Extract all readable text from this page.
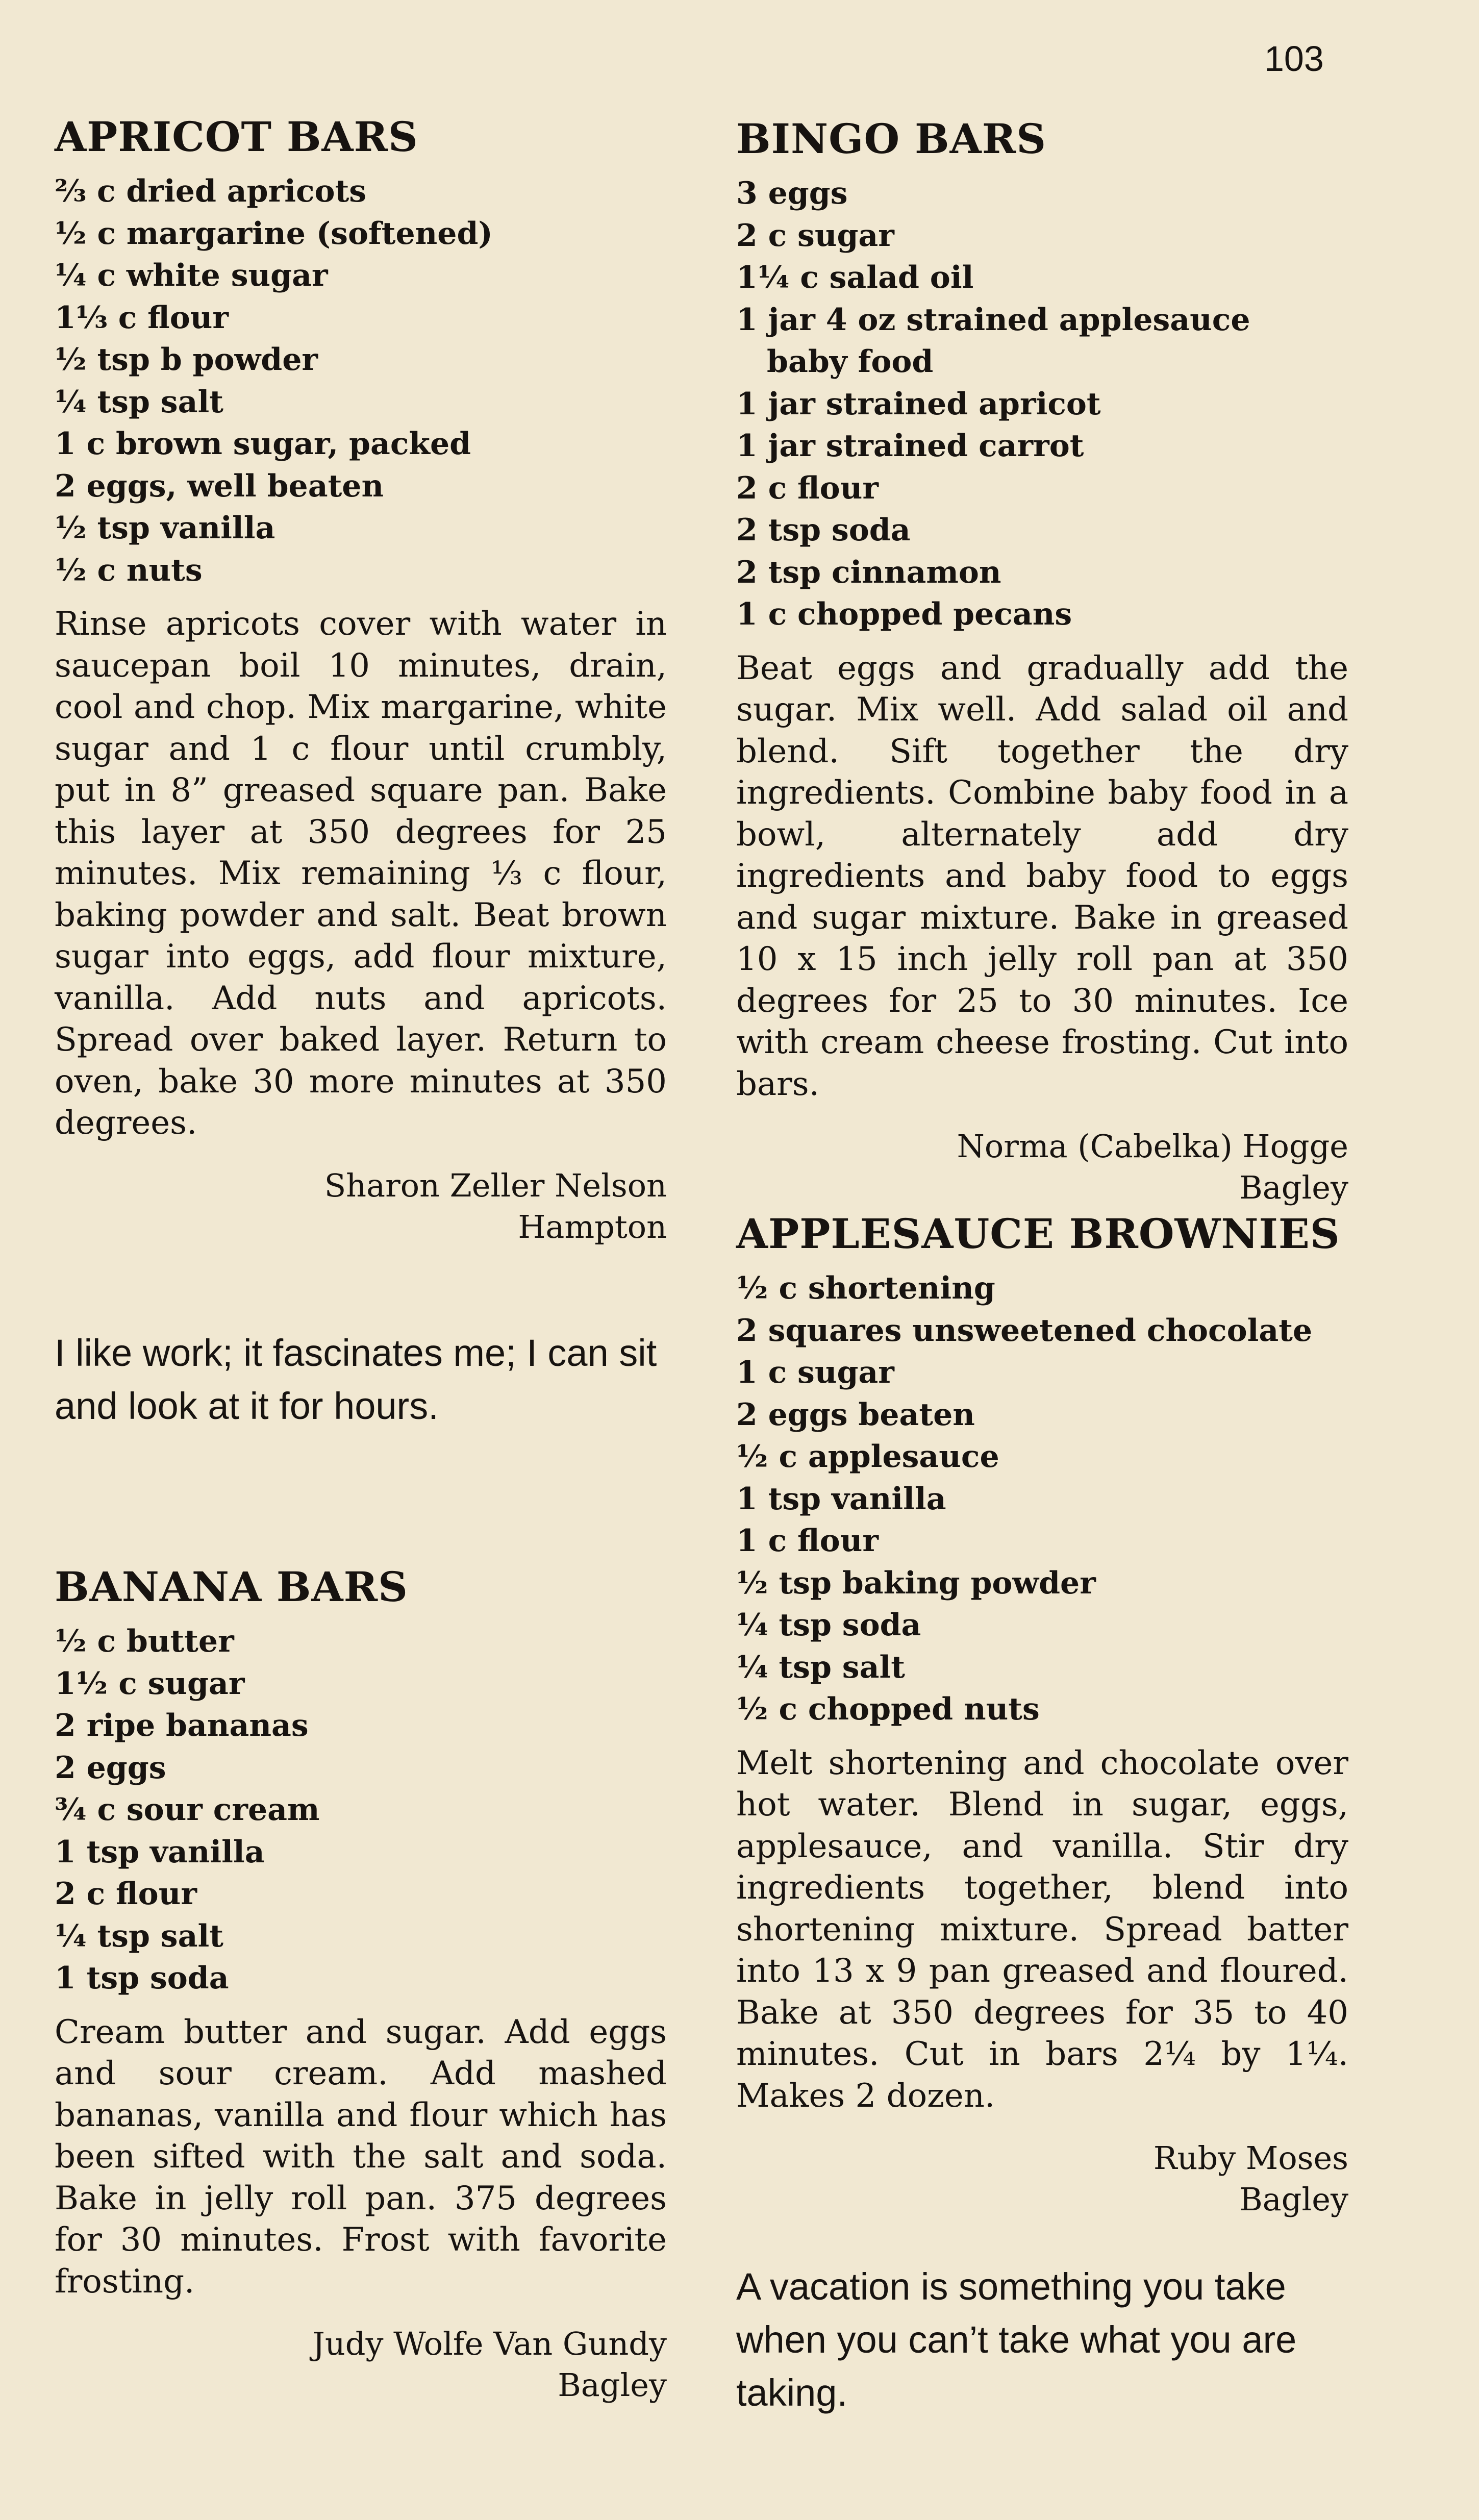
103
APRICOT BARS
⅔ c dried apricots
½ c margarine (softened)
¼ c white sugar
1⅓ c flour
½ tsp b powder
¼ tsp salt
1 c brown sugar, packed
2 eggs, well beaten
½ tsp vanilla
½ c nuts

Rinse apricots cover with water in saucepan boil 10 minutes, drain, cool and chop. Mix margarine, white sugar and 1 c flour until crumbly, put in 8” greased square pan. Bake this layer at 350 degrees for 25 minutes. Mix remaining ⅓ c flour, baking powder and salt. Beat brown sugar into eggs, add flour mixture, vanilla. Add nuts and apricots. Spread over baked layer. Return to oven, bake 30 more minutes at 350 degrees.

Sharon Zeller Nelson
Hampton

I like work; it fascinates me; I can sit and look at it for hours.

BANANA BARS
½ c butter
1½ c sugar
2 ripe bananas
2 eggs
¾ c sour cream
1 tsp vanilla
2 c flour
¼ tsp salt
1 tsp soda

Cream butter and sugar. Add eggs and sour cream. Add mashed bananas, vanilla and flour which has been sifted with the salt and soda. Bake in jelly roll pan. 375 degrees for 30 minutes. Frost with favorite frosting.

Judy Wolfe Van Gundy
Bagley
BINGO BARS
3 eggs
2 c sugar
1¼ c salad oil
1 jar 4 oz strained applesauce
baby food
1 jar strained apricot
1 jar strained carrot
2 c flour
2 tsp soda
2 tsp cinnamon
1 c chopped pecans

Beat eggs and gradually add the sugar. Mix well. Add salad oil and blend. Sift together the dry ingredients. Combine baby food in a bowl, alternately add dry ingredients and baby food to eggs and sugar mixture. Bake in greased 10 x 15 inch jelly roll pan at 350 degrees for 25 to 30 minutes. Ice with cream cheese frosting. Cut into bars.

Norma (Cabelka) Hogge
Bagley
APPLESAUCE BROWNIES
½ c shortening
2 squares unsweetened chocolate
1 c sugar
2 eggs beaten
½ c applesauce
1 tsp vanilla
1 c flour
½ tsp baking powder
¼ tsp soda
¼ tsp salt
½ c chopped nuts

Melt shortening and chocolate over hot water. Blend in sugar, eggs, applesauce, and vanilla. Stir dry ingredients together, blend into shortening mixture. Spread batter into 13 x 9 pan greased and floured. Bake at 350 degrees for 35 to 40 minutes. Cut in bars 2¼ by 1¼. Makes 2 dozen.

Ruby Moses
Bagley

A vacation is something you take when you can’t take what you are taking.
